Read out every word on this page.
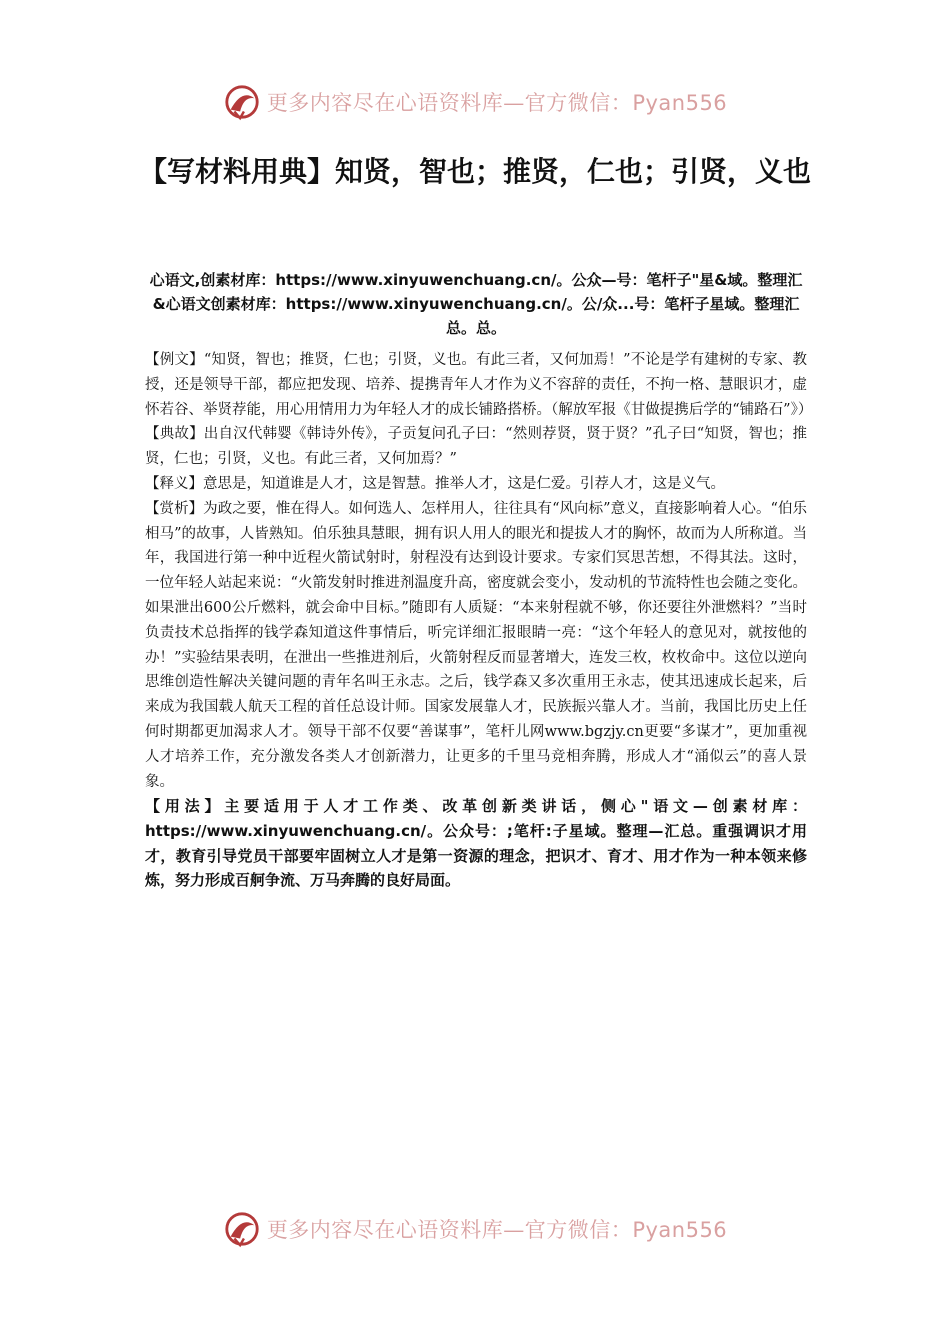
更多内容尽在心语资料库—官方微信：Pyan556
【写材料用典】知贤，智也；推贤，仁也；引贤，义也

心语文,创素材库：https://www.xinyuwenchuang.cn/。公众—号：笔杆子"星&域。整理汇&心语文创素材库：https://www.xinyuwenchuang.cn/。公/众...号：笔杆子星域。整理汇总。总。

【例文】“知贤，智也；推贤，仁也；引贤，义也。有此三者，又何加焉！”不论是学有建树的专家、教授，还是领导干部，都应把发现、培养、提携青年人才作为义不容辞的责任，不拘一格、慧眼识才，虚怀若谷、举贤荐能，用心用情用力为年轻人才的成长铺路搭桥。（解放军报《甘做提携后学的“铺路石”》）

【典故】出自汉代韩婴《韩诗外传》，子贡复问孔子曰：“然则荐贤，贤于贤？”孔子曰“知贤，智也；推贤，仁也；引贤，义也。有此三者，又何加焉？”

【释义】意思是，知道谁是人才，这是智慧。推举人才，这是仁爱。引荐人才，这是义气。

【赏析】为政之要，惟在得人。如何选人、怎样用人，往往具有“风向标”意义，直接影响着人心。“伯乐相马”的故事，人皆熟知。伯乐独具慧眼，拥有识人用人的眼光和提拔人才的胸怀，故而为人所称道。当年，我国进行第一种中近程火箭试射时，射程没有达到设计要求。专家们冥思苦想，不得其法。这时，一位年轻人站起来说：“火箭发射时推进剂温度升高，密度就会变小，发动机的节流特性也会随之变化。如果泄出600公斤燃料，就会命中目标。”随即有人质疑：“本来射程就不够，你还要往外泄燃料？”当时负责技术总指挥的钱学森知道这件事情后，听完详细汇报眼睛一亮：“这个年轻人的意见对，就按他的办！”实验结果表明，在泄出一些推进剂后，火箭射程反而显著增大，连发三枚，枚枚命中。这位以逆向思维创造性解决关键问题的青年名叫王永志。之后，钱学森又多次重用王永志，使其迅速成长起来，后来成为我国载人航天工程的首任总设计师。国家发展靠人才，民族振兴靠人才。当前，我国比历史上任何时期都更加渴求人才。领导干部不仅要“善谋事”，笔杆儿网www.bgzjy.cn更要“多谋才”，更加重视人才培养工作，充分激发各类人才创新潜力，让更多的千里马竞相奔腾，形成人才“涌似云”的喜人景象。

【用法】主要适用于人才工作类、改革创新类讲话，侧心"语文—创素材库：https://www.xinyuwenchuang.cn/。公众号：;笔杆:子星域。整理—汇总。重强调识才用才，教育引导党员干部要牢固树立人才是第一资源的理念，把识才、育才、用才作为一种本领来修炼，努力形成百舸争流、万马奔腾的良好局面。

更多内容尽在心语资料库—官方微信：Pyan556
